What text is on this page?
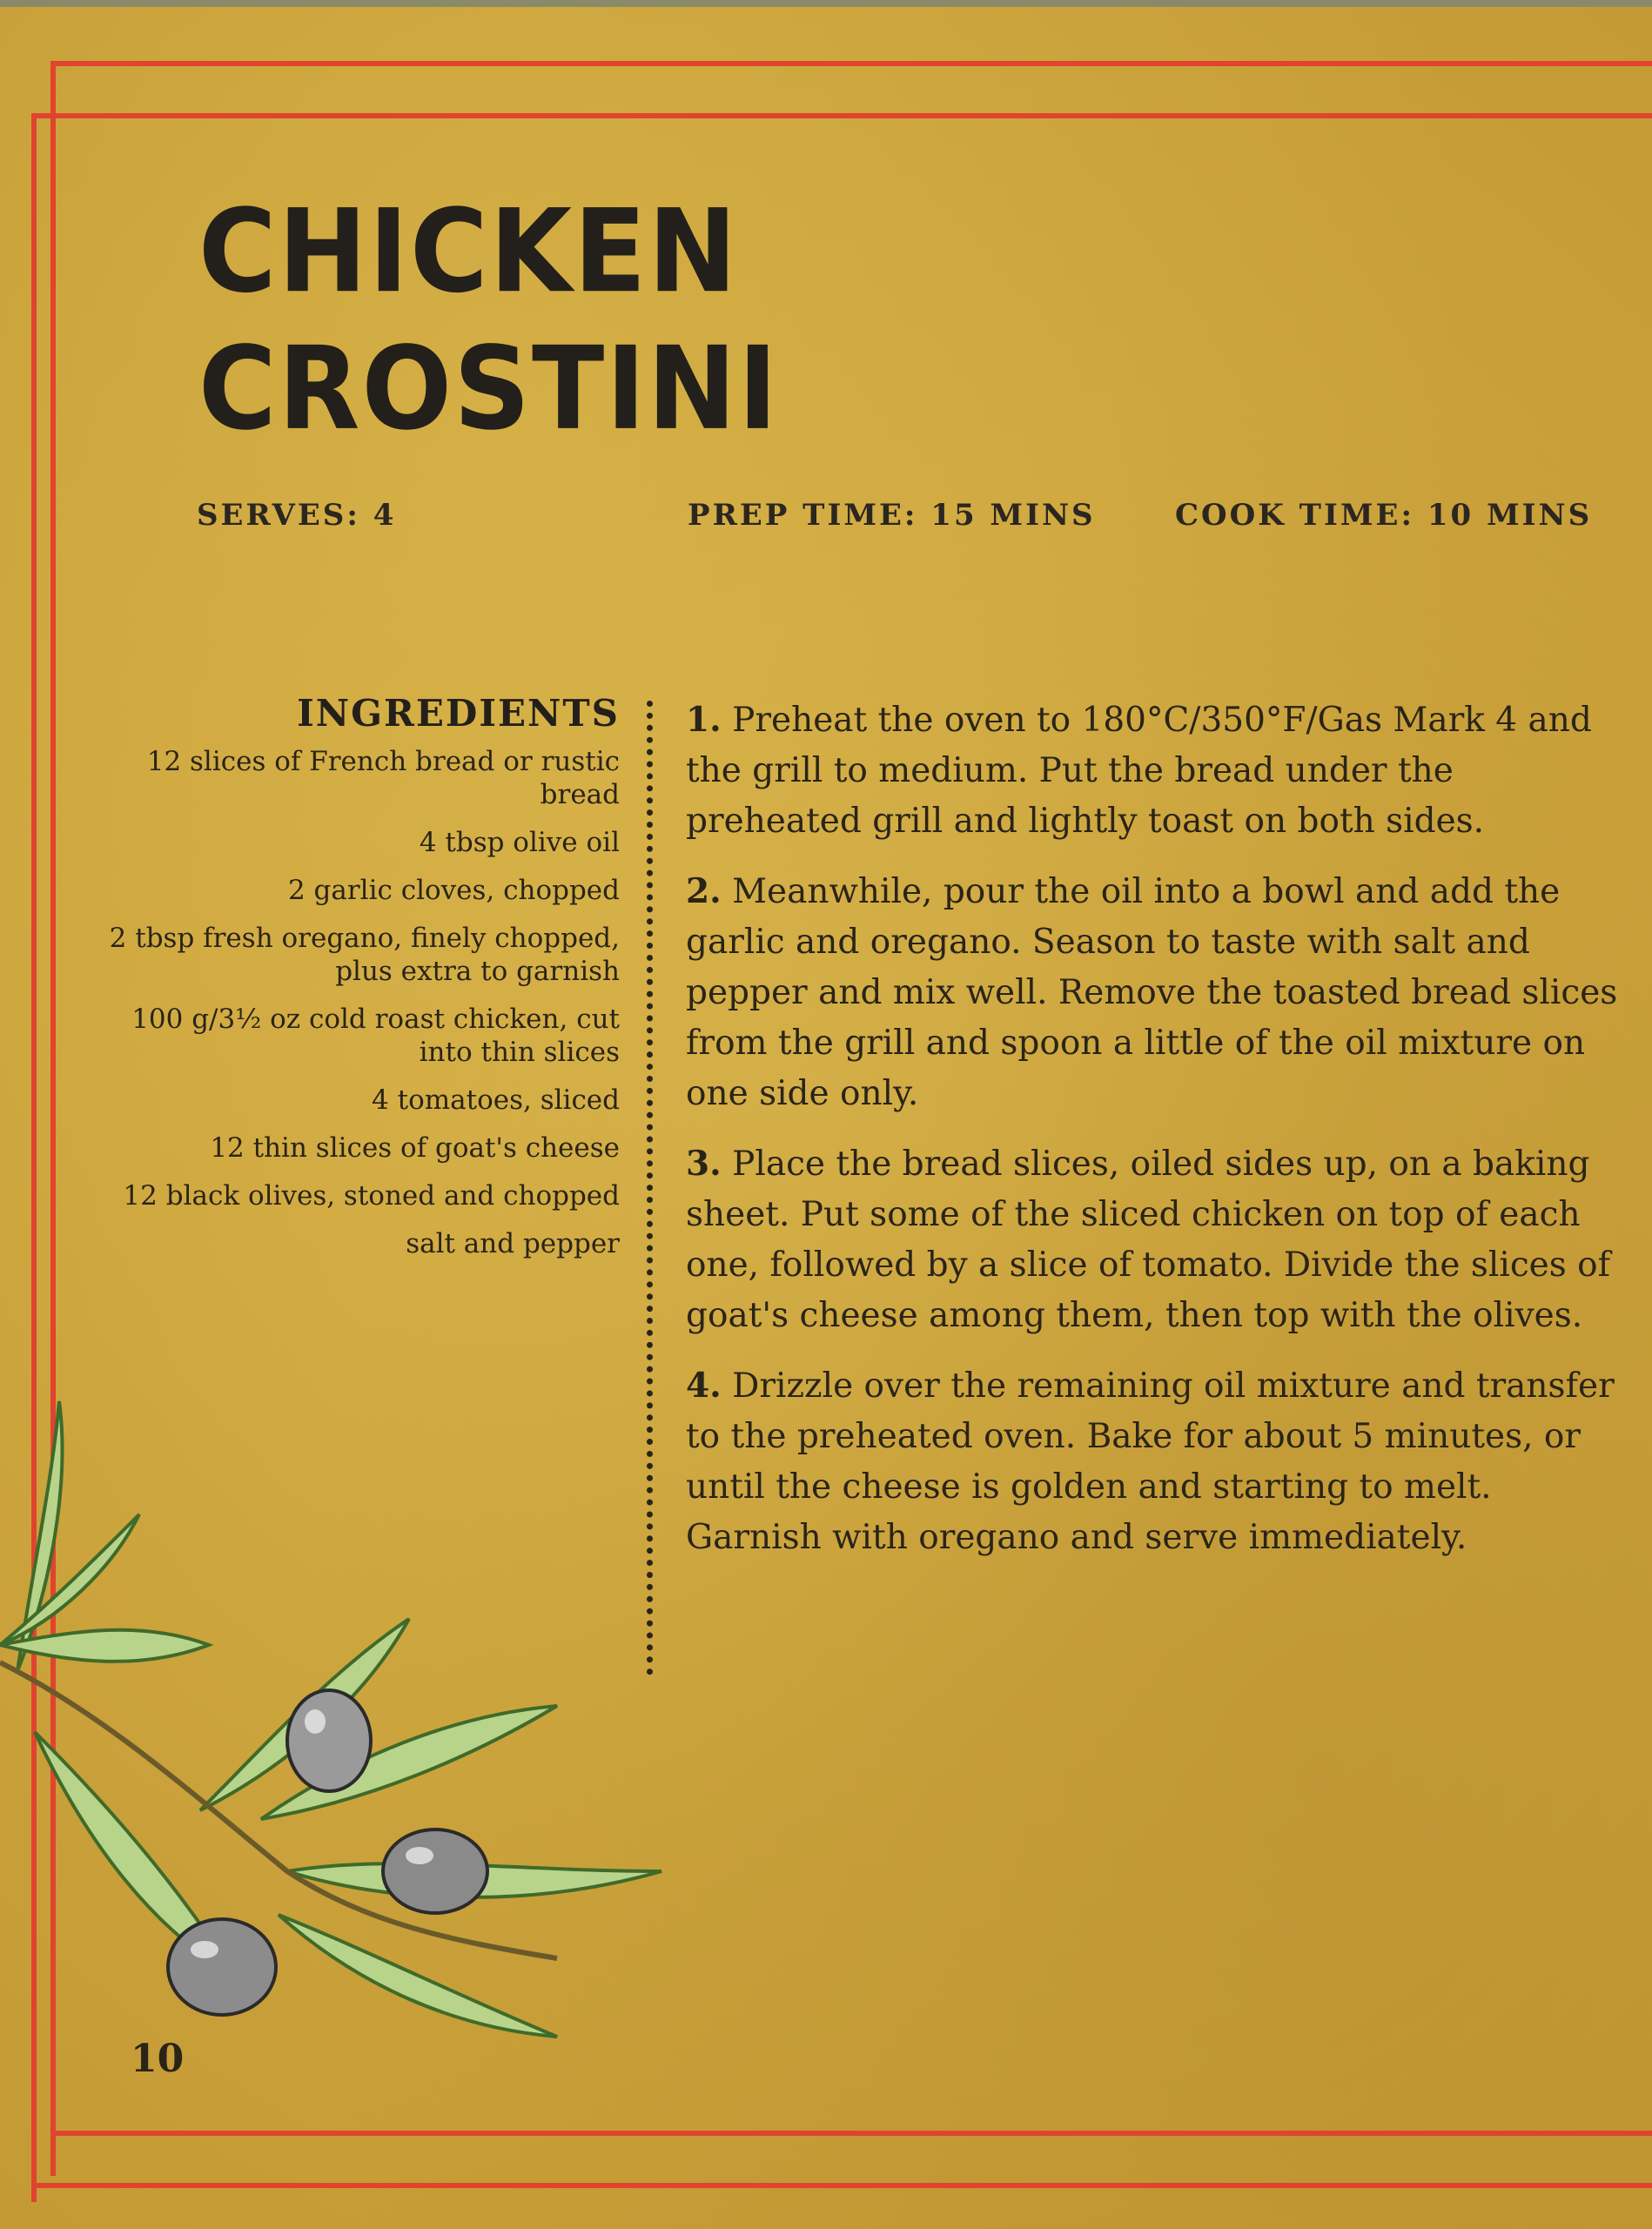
CHICKEN
CROSTINI
SERVES: 4	PREP TIME: 15 MINS	COOK TIME: 10 MINS
INGREDIENTS
12 slices of French bread or rustic bread
4 tbsp olive oil
2 garlic cloves, chopped
2 tbsp fresh oregano, finely chopped, plus extra to garnish
100 g/3½ oz cold roast chicken, cut into thin slices
4 tomatoes, sliced
12 thin slices of goat's cheese
12 black olives, stoned and chopped
salt and pepper

1. Preheat the oven to 180°C/350°F/Gas Mark 4 and the grill to medium. Put the bread under the preheated grill and lightly toast on both sides.

2. Meanwhile, pour the oil into a bowl and add the garlic and oregano. Season to taste with salt and pepper and mix well. Remove the toasted bread slices from the grill and spoon a little of the oil mixture on one side only.

3. Place the bread slices, oiled sides up, on a baking sheet. Put some of the sliced chicken on top of each one, followed by a slice of tomato. Divide the slices of goat's cheese among them, then top with the olives.

4. Drizzle over the remaining oil mixture and transfer to the preheated oven. Bake for about 5 minutes, or until the cheese is golden and starting to melt. Garnish with oregano and serve immediately.

10
